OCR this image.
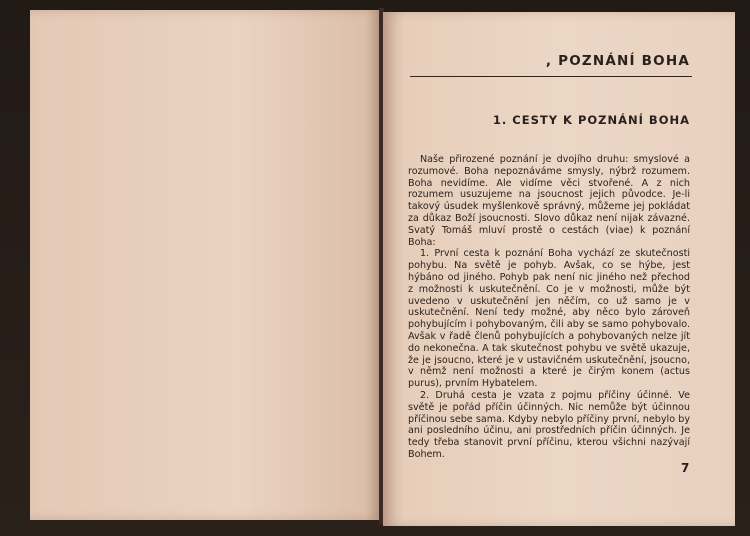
, POZNÁNÍ BOHA
1. CESTY K POZNÁNÍ BOHA

Naše přirozené poznání je dvojího druhu: smyslové a rozumové. Boha nepoznáváme smysly, nýbrž rozumem. Boha nevidíme. Ale vidíme věci stvořené. A z nich rozumem usuzujeme na jsoucnost jejich původce. Je-li takový úsudek myšlenkově správný, můžeme jej pokládat za důkaz Boží jsoucnosti. Slovo důkaz není nijak závazné. Svatý Tomáš mluví prostě o cestách (viae) k poznání Boha:

1. První cesta k poznání Boha vychází ze skutečnosti pohybu. Na světě je pohyb. Avšak, co se hýbe, jest hýbáno od jiného. Pohyb pak není nic jiného než přechod z možnosti k uskutečnění. Co je v možnosti, může být uvedeno v uskutečnění jen něčím, co už samo je v uskutečnění. Není tedy možné, aby něco bylo zároveň pohybujícím i pohybovaným, čili aby se samo pohybovalo. Avšak v řadě členů pohybujících a pohybovaných nelze jít do nekonečna. A tak skutečnost pohybu ve světě ukazuje, že je jsoucno, které je v ustavičném uskutečnění, jsoucno, v němž není možnosti a které je čirým konem (actus purus), prvním Hybatelem.

2. Druhá cesta je vzata z pojmu příčiny účinné. Ve světě je pořád příčin účinných. Nic nemůže být účinnou příčinou sebe sama. Kdyby nebylo příčiny první, nebylo by ani posledního účinu, ani prostředních příčin účinných. Je tedy třeba stanovit první příčinu, kterou všichni nazývají Bohem.

7
